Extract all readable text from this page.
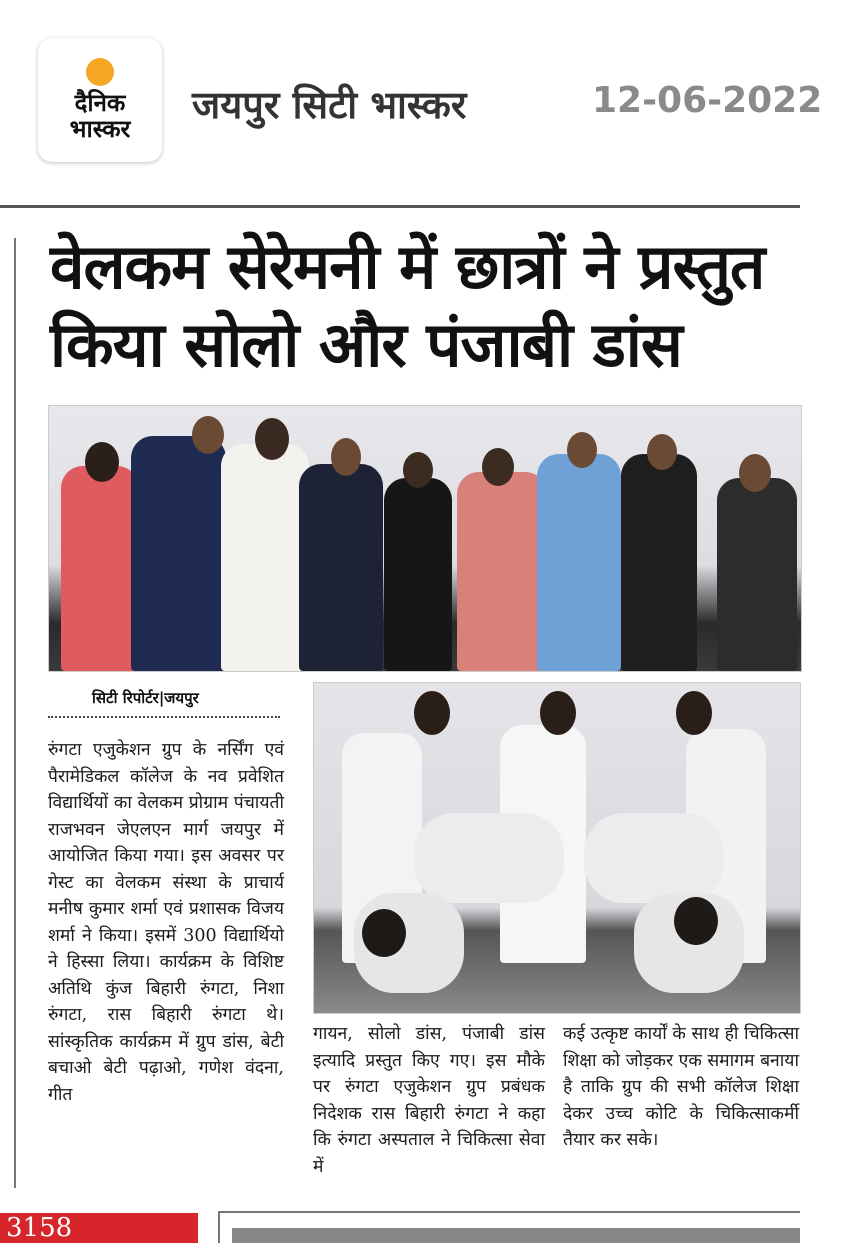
दैनिक
भास्कर
जयपुर सिटी भास्कर	12-06-2022
वेलकम सेरेमनी में छात्रों ने प्रस्तुत किया सोलो और पंजाबी डांस
सिटी रिपोर्टर|जयपुर
रुंगटा एजुकेशन ग्रुप के नर्सिंग एवं पैरामेडिकल कॉलेज के नव प्रवेशित विद्यार्थियों का वेलकम प्रोग्राम पंचायती राजभवन जेएलएन मार्ग जयपुर में आयोजित किया गया। इस अवसर पर गेस्ट का वेलकम संस्था के प्राचार्य मनीष कुमार शर्मा एवं प्रशासक विजय शर्मा ने किया। इसमें 300 विद्यार्थियो ने हिस्सा लिया। कार्यक्रम के विशिष्ट अतिथि कुंज बिहारी रुंगटा, निशा रुंगटा, रास बिहारी रुंगटा थे। सांस्कृतिक कार्यक्रम में ग्रुप डांस, बेटी बचाओ बेटी पढ़ाओ, गणेश वंदना, गीत
गायन, सोलो डांस, पंजाबी डांस इत्यादि प्रस्तुत किए गए। इस मौके पर रुंगटा एजुकेशन ग्रुप प्रबंधक निदेशक रास बिहारी रुंगटा ने कहा कि रुंगटा अस्पताल ने चिकित्सा सेवा में
कई उत्कृष्ट कार्यों के साथ ही चिकित्सा शिक्षा को जोड़कर एक समागम बनाया है ताकि ग्रुप की सभी कॉलेज शिक्षा देकर उच्च कोटि के चिकित्साकर्मी तैयार कर सके।
3158
